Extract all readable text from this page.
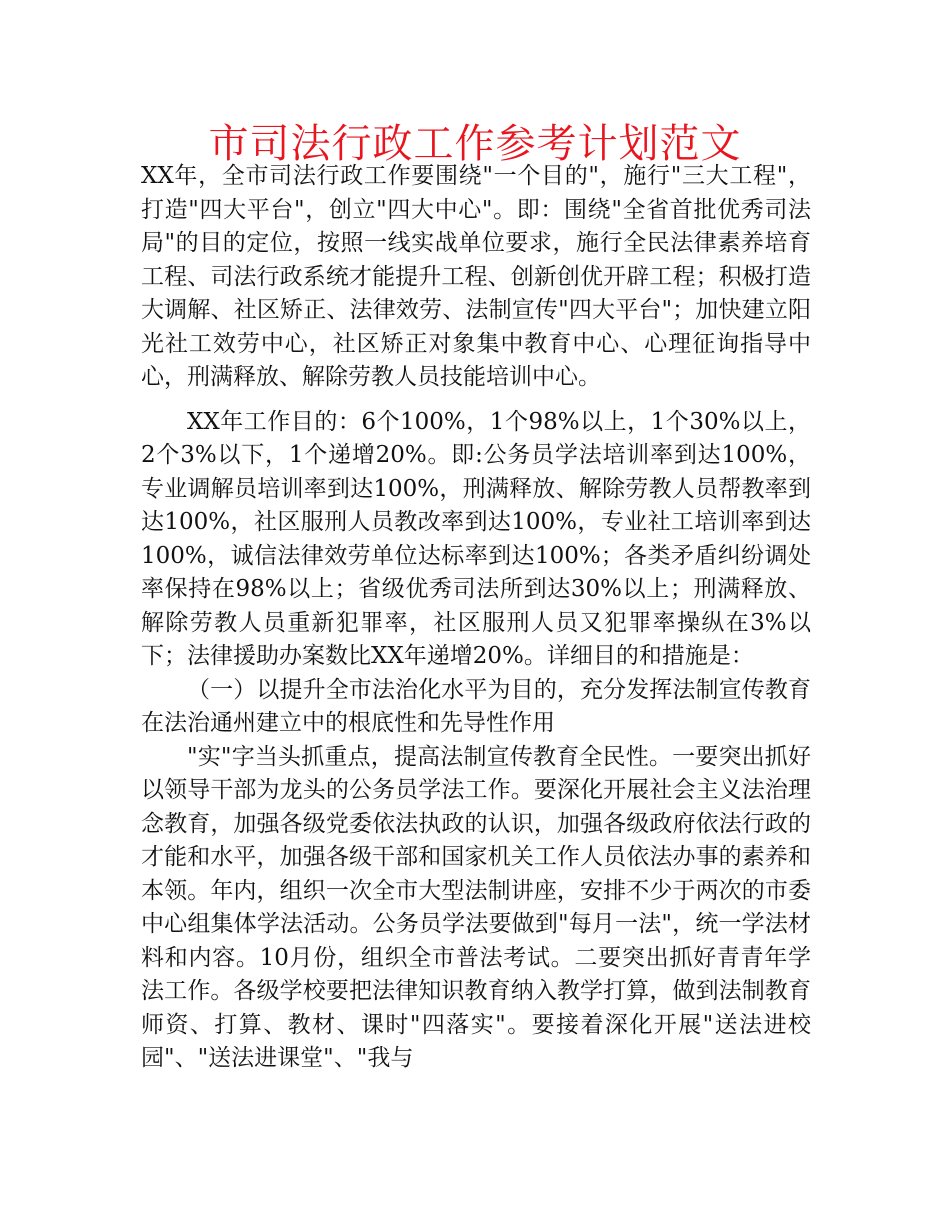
市司法行政工作参考计划范文

XX年，全市司法行政工作要围绕"一个目的"，施行"三大工程"，打造"四大平台"，创立"四大中心"。即：围绕"全省首批优秀司法局"的目的定位，按照一线实战单位要求，施行全民法律素养培育工程、司法行政系统才能提升工程、创新创优开辟工程；积极打造大调解、社区矫正、法律效劳、法制宣传"四大平台"；加快建立阳光社工效劳中心，社区矫正对象集中教育中心、心理征询指导中心，刑满释放、解除劳教人员技能培训中心。

XX年工作目的：6个100%，1个98%以上，1个30%以上，2个3%以下，1个递增20%。即:公务员学法培训率到达100%，专业调解员培训率到达100%，刑满释放、解除劳教人员帮教率到达100%，社区服刑人员教改率到达100%，专业社工培训率到达100%，诚信法律效劳单位达标率到达100%；各类矛盾纠纷调处率保持在98%以上；省级优秀司法所到达30%以上；刑满释放、解除劳教人员重新犯罪率，社区服刑人员又犯罪率操纵在3%以下；法律援助办案数比XX年递增20%。详细目的和措施是：

（一）以提升全市法治化水平为目的，充分发挥法制宣传教育在法治通州建立中的根底性和先导性作用

"实"字当头抓重点，提高法制宣传教育全民性。一要突出抓好以领导干部为龙头的公务员学法工作。要深化开展社会主义法治理念教育，加强各级党委依法执政的认识，加强各级政府依法行政的才能和水平，加强各级干部和国家机关工作人员依法办事的素养和本领。年内，组织一次全市大型法制讲座，安排不少于两次的市委中心组集体学法活动。公务员学法要做到"每月一法"，统一学法材料和内容。10月份，组织全市普法考试。二要突出抓好青青年学法工作。各级学校要把法律知识教育纳入教学打算，做到法制教育师资、打算、教材、课时"四落实"。要接着深化开展"送法进校园"、"送法进课堂"、"我与
